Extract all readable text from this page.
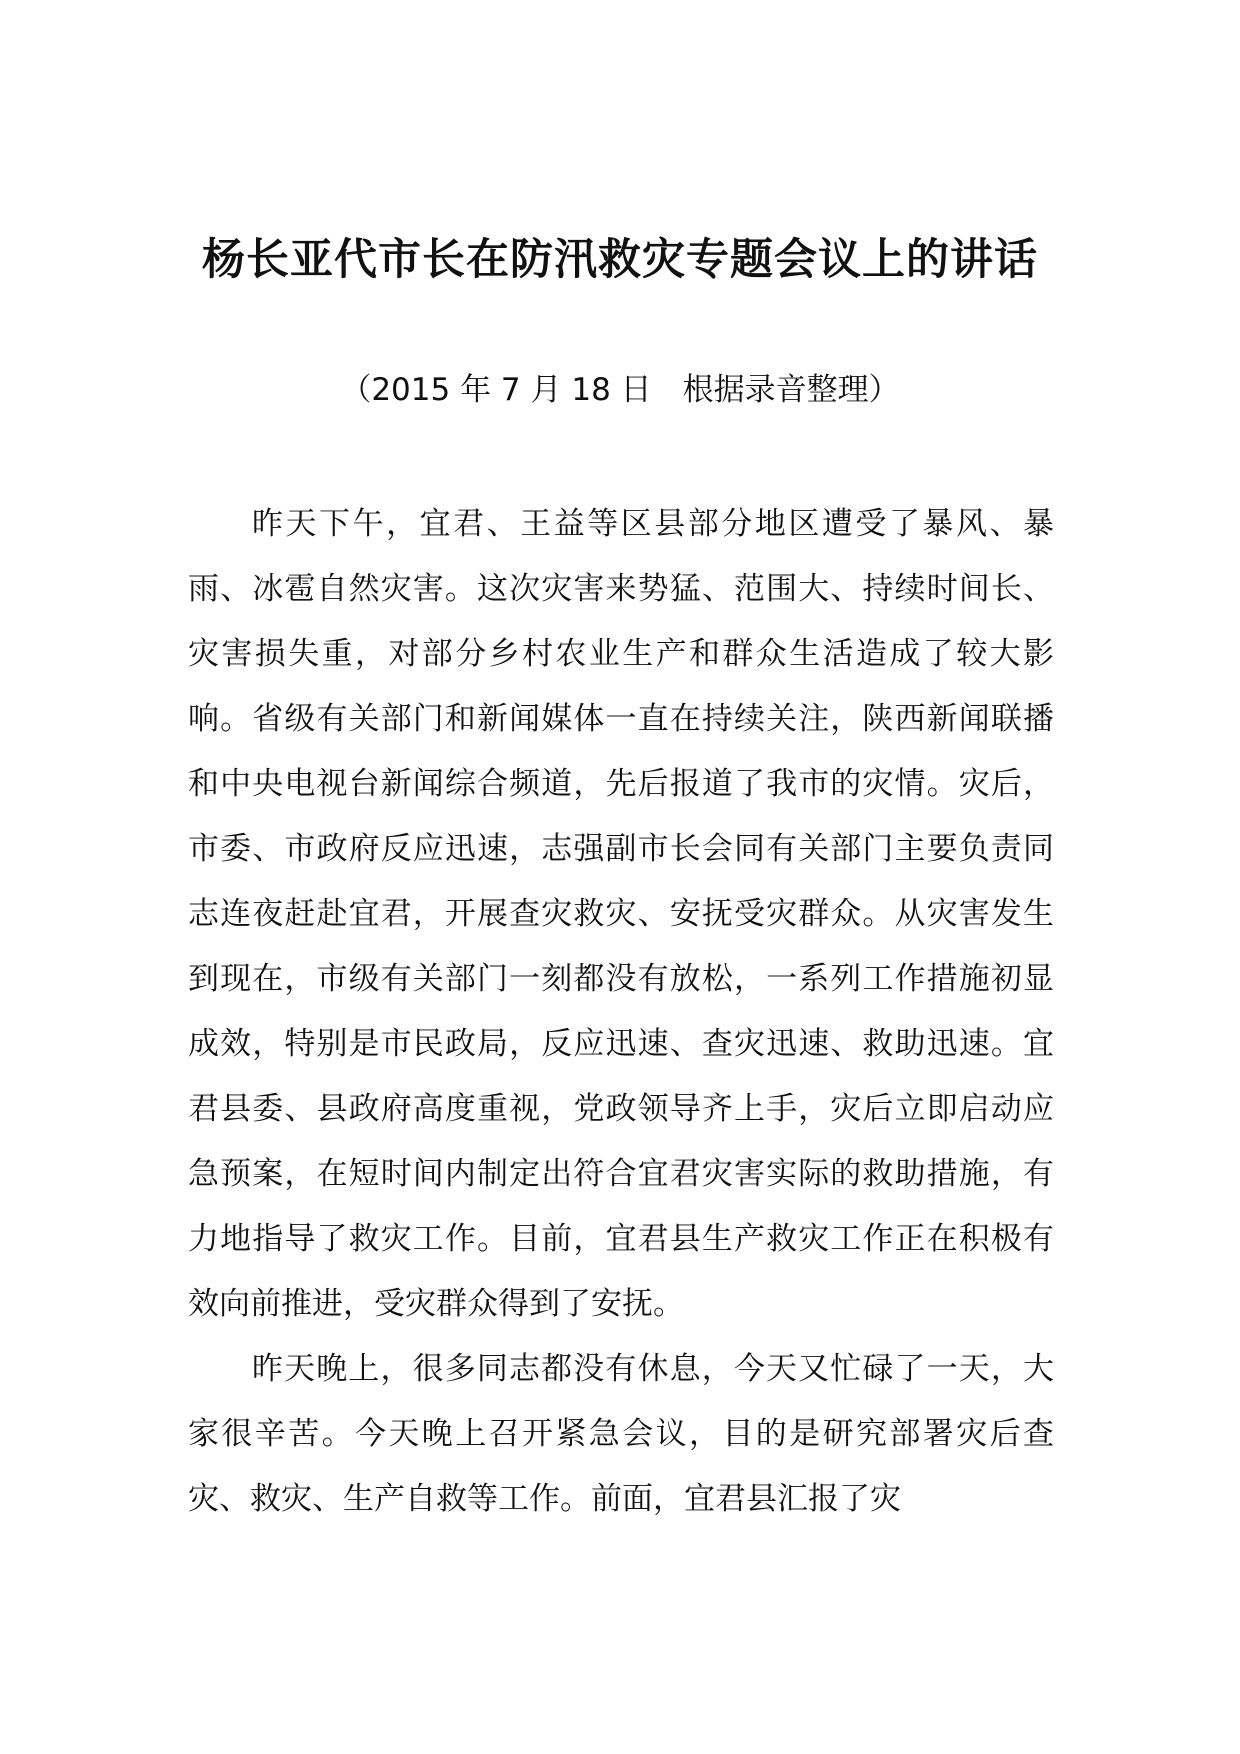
杨长亚代市长在防汛救灾专题会议上的讲话
（2015 年 7 月 18 日　根据录音整理）

昨天下午，宜君、王益等区县部分地区遭受了暴风、暴雨、冰雹自然灾害。这次灾害来势猛、范围大、持续时间长、灾害损失重，对部分乡村农业生产和群众生活造成了较大影响。省级有关部门和新闻媒体一直在持续关注，陕西新闻联播和中央电视台新闻综合频道，先后报道了我市的灾情。灾后，市委、市政府反应迅速，志强副市长会同有关部门主要负责同志连夜赶赴宜君，开展查灾救灾、安抚受灾群众。从灾害发生到现在，市级有关部门一刻都没有放松，一系列工作措施初显成效，特别是市民政局，反应迅速、查灾迅速、救助迅速。宜君县委、县政府高度重视，党政领导齐上手，灾后立即启动应急预案，在短时间内制定出符合宜君灾害实际的救助措施，有力地指导了救灾工作。目前，宜君县生产救灾工作正在积极有效向前推进，受灾群众得到了安抚。

昨天晚上，很多同志都没有休息，今天又忙碌了一天，大家很辛苦。今天晚上召开紧急会议，目的是研究部署灾后查灾、救灾、生产自救等工作。前面，宜君县汇报了灾
